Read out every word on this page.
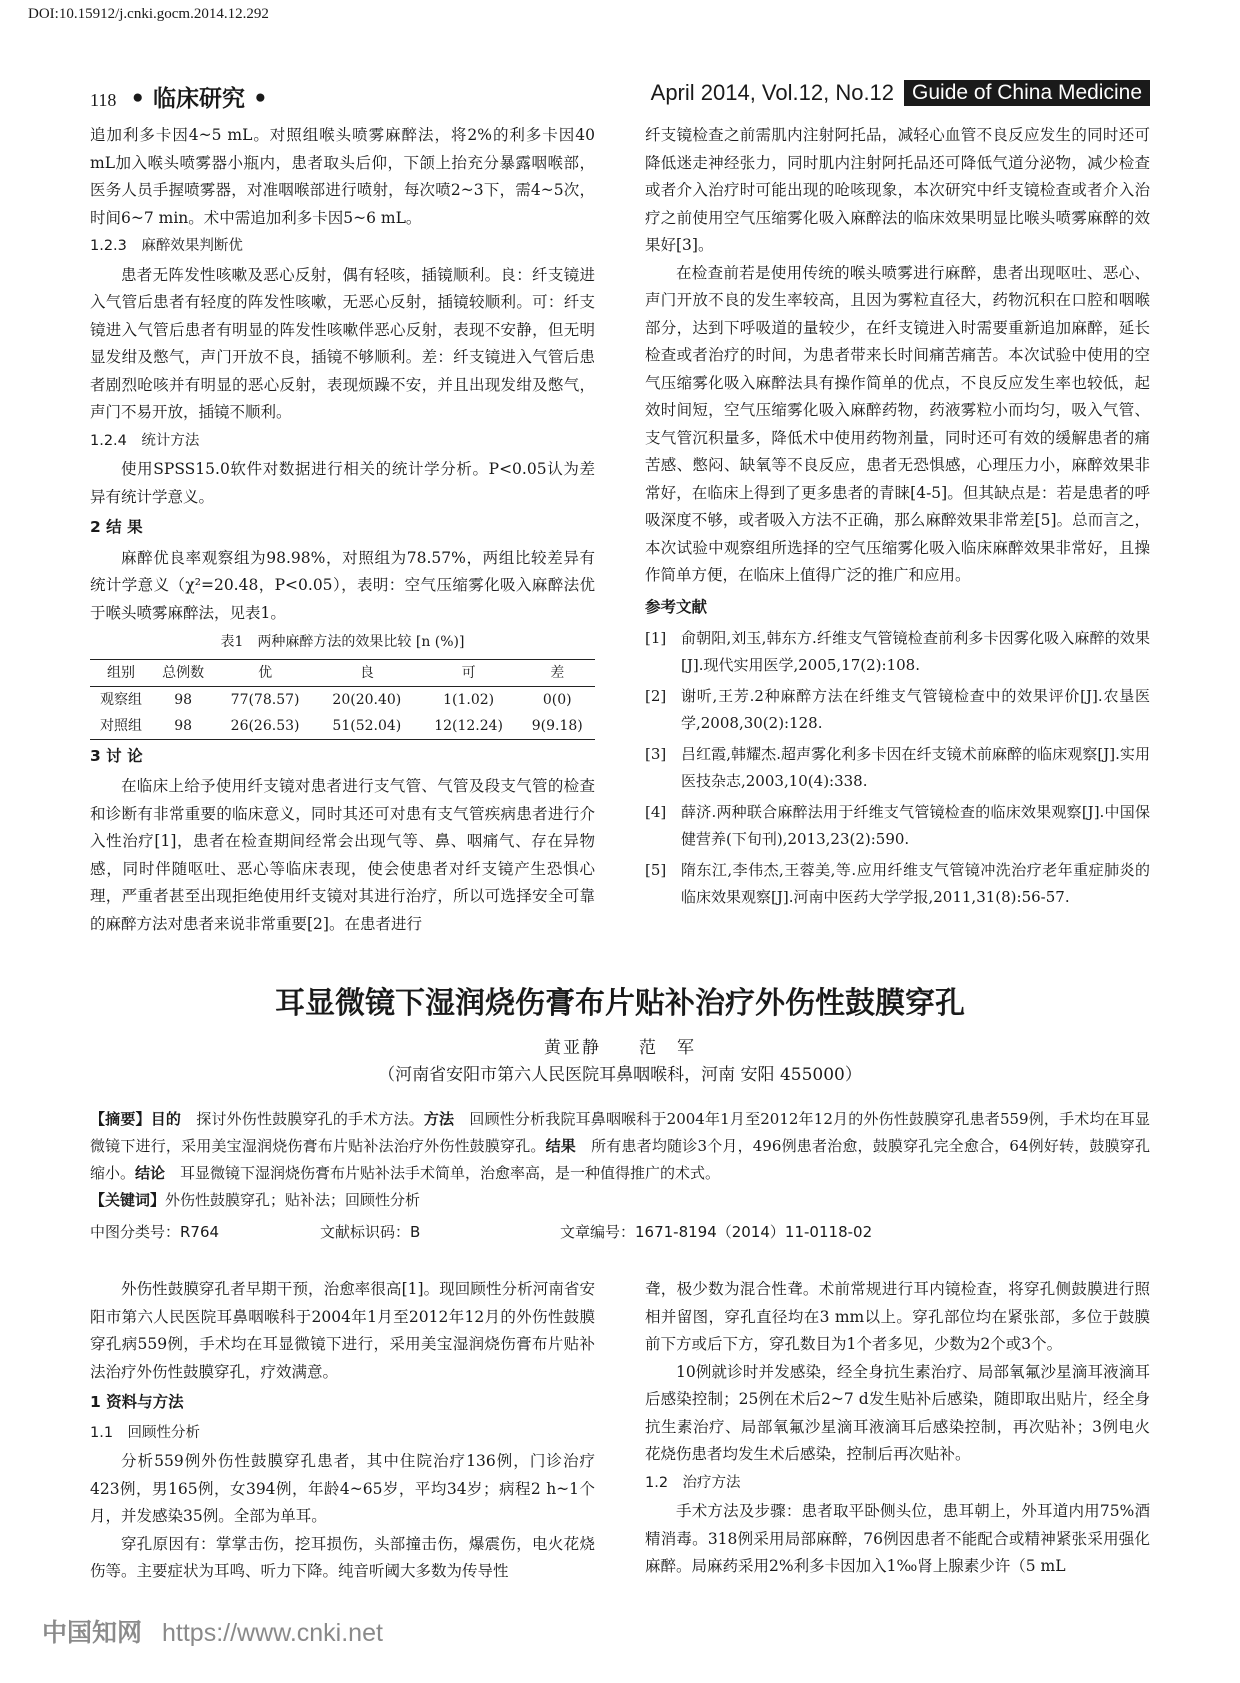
DOI:10.15912/j.cnki.gocm.2014.12.292
118 • 临床研究 •	April 2014, Vol.12, No.12 Guide of China Medicine

追加利多卡因4~5 mL。对照组喉头喷雾麻醉法，将2%的利多卡因40 mL加入喉头喷雾器小瓶内，患者取头后仰，下颌上抬充分暴露咽喉部，医务人员手握喷雾器，对准咽喉部进行喷射，每次喷2~3下，需4~5次，时间6~7 min。术中需追加利多卡因5~6 mL。

1.2.3　麻醉效果判断优

患者无阵发性咳嗽及恶心反射，偶有轻咳，插镜顺利。良：纤支镜进入气管后患者有轻度的阵发性咳嗽，无恶心反射，插镜较顺利。可：纤支镜进入气管后患者有明显的阵发性咳嗽伴恶心反射，表现不安静，但无明显发绀及憋气，声门开放不良，插镜不够顺利。差：纤支镜进入气管后患者剧烈呛咳并有明显的恶心反射，表现烦躁不安，并且出现发绀及憋气，声门不易开放，插镜不顺利。

1.2.4　统计方法

使用SPSS15.0软件对数据进行相关的统计学分析。P<0.05认为差异有统计学意义。

2 结 果

麻醉优良率观察组为98.98%，对照组为78.57%，两组比较差异有统计学意义（χ²=20.48，P<0.05），表明：空气压缩雾化吸入麻醉法优于喉头喷雾麻醉法，见表1。

表1　两种麻醉方法的效果比较 [n (%)]
组别	总例数	优	良	可	差
观察组	98	77(78.57)	20(20.40)	1(1.02)	0(0)
对照组	98	26(26.53)	51(52.04)	12(12.24)	9(9.18)
3 讨 论

在临床上给予使用纤支镜对患者进行支气管、气管及段支气管的检查和诊断有非常重要的临床意义，同时其还可对患有支气管疾病患者进行介入性治疗[1]，患者在检查期间经常会出现气等、鼻、咽痛气、存在异物感，同时伴随呕吐、恶心等临床表现，使会使患者对纤支镜产生恐惧心理，严重者甚至出现拒绝使用纤支镜对其进行治疗，所以可选择安全可靠的麻醉方法对患者来说非常重要[2]。在患者进行

纤支镜检查之前需肌内注射阿托品，减轻心血管不良反应发生的同时还可降低迷走神经张力，同时肌内注射阿托品还可降低气道分泌物，减少检查或者介入治疗时可能出现的呛咳现象，本次研究中纤支镜检查或者介入治疗之前使用空气压缩雾化吸入麻醉法的临床效果明显比喉头喷雾麻醉的效果好[3]。

在检查前若是使用传统的喉头喷雾进行麻醉，患者出现呕吐、恶心、声门开放不良的发生率较高，且因为雾粒直径大，药物沉积在口腔和咽喉部分，达到下呼吸道的量较少，在纤支镜进入时需要重新追加麻醉，延长检查或者治疗的时间，为患者带来长时间痛苦痛苦。本次试验中使用的空气压缩雾化吸入麻醉法具有操作简单的优点，不良反应发生率也较低，起效时间短，空气压缩雾化吸入麻醉药物，药液雾粒小而均匀，吸入气管、支气管沉积量多，降低术中使用药物剂量，同时还可有效的缓解患者的痛苦感、憋闷、缺氧等不良反应，患者无恐惧感，心理压力小，麻醉效果非常好，在临床上得到了更多患者的青睐[4-5]。但其缺点是：若是患者的呼吸深度不够，或者吸入方法不正确，那么麻醉效果非常差[5]。总而言之，本次试验中观察组所选择的空气压缩雾化吸入临床麻醉效果非常好，且操作简单方便，在临床上值得广泛的推广和应用。

参考文献
[1] 俞朝阳,刘玉,韩东方.纤维支气管镜检查前利多卡因雾化吸入麻醉的效果[J].现代实用医学,2005,17(2):108.
[2] 谢听,王芳.2种麻醉方法在纤维支气管镜检查中的效果评价[J].农垦医学,2008,30(2):128.
[3] 吕红霞,韩耀杰.超声雾化利多卡因在纤支镜术前麻醉的临床观察[J].实用医技杂志,2003,10(4):338.
[4] 薛济.两种联合麻醉法用于纤维支气管镜检查的临床效果观察[J].中国保健营养(下旬刊),2013,23(2):590.
[5] 隋东江,李伟杰,王蓉美,等.应用纤维支气管镜冲洗治疗老年重症肺炎的临床效果观察[J].河南中医药大学学报,2011,31(8):56-57.
耳显微镜下湿润烧伤膏布片贴补治疗外伤性鼓膜穿孔
黄亚静　　范　军
（河南省安阳市第六人民医院耳鼻咽喉科，河南 安阳 455000）

【摘要】目的　 探讨外伤性鼓膜穿孔的手术方法。方法　 回顾性分析我院耳鼻咽喉科于2004年1月至2012年12月的外伤性鼓膜穿孔患者559例，手术均在耳显微镜下进行，采用美宝湿润烧伤膏布片贴补法治疗外伤性鼓膜穿孔。结果　 所有患者均随诊3个月，496例患者治愈，鼓膜穿孔完全愈合，64例好转，鼓膜穿孔缩小。结论　 耳显微镜下湿润烧伤膏布片贴补法手术简单，治愈率高，是一种值得推广的术式。

【关键词】外伤性鼓膜穿孔；贴补法；回顾性分析

中图分类号：R764	文献标识码：B	文章编号：1671-8194（2014）11-0118-02

外伤性鼓膜穿孔者早期干预，治愈率很高[1]。现回顾性分析河南省安阳市第六人民医院耳鼻咽喉科于2004年1月至2012年12月的外伤性鼓膜穿孔病559例，手术均在耳显微镜下进行，采用美宝湿润烧伤膏布片贴补法治疗外伤性鼓膜穿孔，疗效满意。

1 资料与方法
1.1　回顾性分析

分析559例外伤性鼓膜穿孔患者，其中住院治疗136例，门诊治疗423例，男165例，女394例，年龄4~65岁，平均34岁；病程2 h~1个月，并发感染35例。全部为单耳。

穿孔原因有：掌掌击伤，挖耳损伤，头部撞击伤，爆震伤，电火花烧伤等。主要症状为耳鸣、听力下降。纯音听阈大多数为传导性

聋，极少数为混合性聋。术前常规进行耳内镜检查，将穿孔侧鼓膜进行照相并留图，穿孔直径均在3 mm以上。穿孔部位均在紧张部，多位于鼓膜前下方或后下方，穿孔数目为1个者多见，少数为2个或3个。

10例就诊时并发感染，经全身抗生素治疗、局部氧氟沙星滴耳液滴耳后感染控制；25例在术后2~7 d发生贴补后感染，随即取出贴片，经全身抗生素治疗、局部氧氟沙星滴耳液滴耳后感染控制，再次贴补；3例电火花烧伤患者均发生术后感染，控制后再次贴补。

1.2　治疗方法

手术方法及步骤：患者取平卧侧头位，患耳朝上，外耳道内用75%酒精消毒。318例采用局部麻醉，76例因患者不能配合或精神紧张采用强化麻醉。局麻药采用2%利多卡因加入1‰肾上腺素少许（5 mL

中国知网 https://www.cnki.net
